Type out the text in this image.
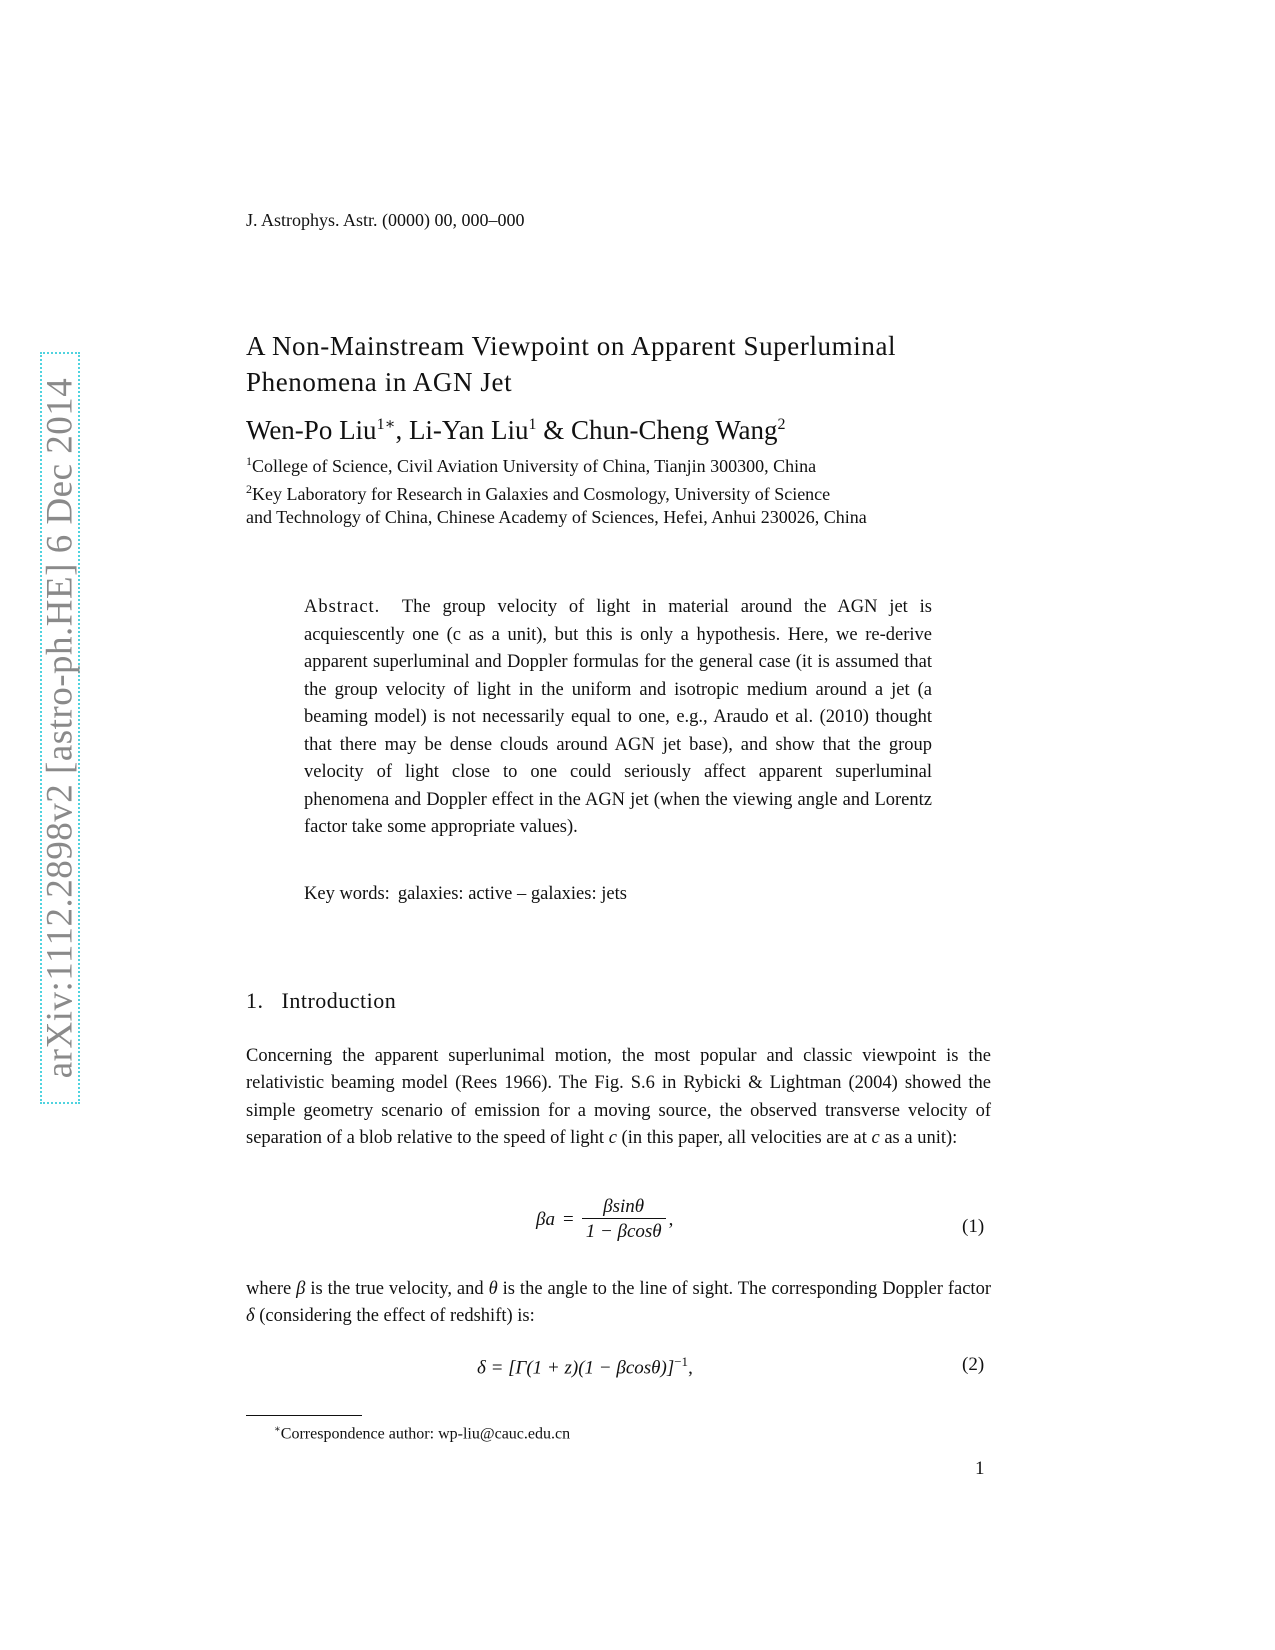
arXiv:1112.2898v2 [astro-ph.HE] 6 Dec 2014
J. Astrophys. Astr. (0000) 00, 000–000
A Non-Mainstream Viewpoint on Apparent Superluminal
Phenomena in AGN Jet
Wen-Po Liu$^{1∗}$, Li-Yan Liu$^1$ & Chun-Cheng Wang$^2$
$^1$College of Science, Civil Aviation University of China, Tianjin 300300, China
$^2$Key Laboratory for Research in Galaxies and Cosmology, University of Science
and Technology of China, Chinese Academy of Sciences, Hefei, Anhui 230026, China

Abstract. The group velocity of light in material around the AGN jet is acquiescently one (c as a unit), but this is only a hypothesis. Here, we re-derive apparent superluminal and Doppler formulas for the general case (it is assumed that the group velocity of light in the uniform and isotropic medium around a jet (a beaming model) is not necessarily equal to one, e.g., Araudo et al. (2010) thought that there may be dense clouds around AGN jet base), and show that the group velocity of light close to one could seriously affect apparent superluminal phenomena and Doppler effect in the AGN jet (when the viewing angle and Lorentz factor take some appropriate values).

Key words: galaxies: active – galaxies: jets
1. Introduction

Concerning the apparent superlunimal motion, the most popular and classic viewpoint is the relativistic beaming model (Rees 1966). The Fig. S.6 in Rybicki & Lightman (2004) showed the simple geometry scenario of emission for a moving source, the observed transverse velocity of separation of a blob relative to the speed of light c (in this paper, all velocities are at c as a unit):

$\beta a = \frac{\beta\sin\theta}{1 - \beta\cos\theta}$ ,	(1)

where β is the true velocity, and θ is the angle to the line of sight. The corresponding Doppler factor δ (considering the effect of redshift) is:

$\delta = [\Gamma(1 + z)(1 - \beta\cos\theta)]^{-1}$,	(2)
∗Correspondence author: wp-liu@cauc.edu.cn
1
